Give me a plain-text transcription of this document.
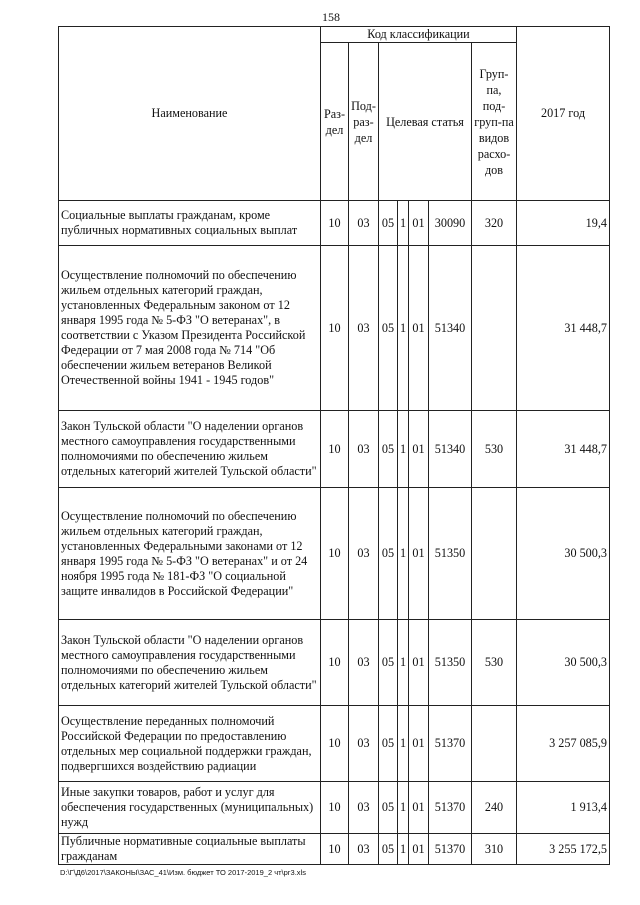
158
Наименование	Код классификации							2017 год
	Раз-дел	Под-раз-дел	Целевая статья				Груп-па, под-груп-па видов расхо-дов	
Социальные выплаты гражданам, кроме публичных нормативных социальных выплат	10	03	05	1	01	30090	320	19,4
Осуществление полномочий по обеспечению жильем отдельных категорий граждан, установленных Федеральным законом от 12 января 1995 года № 5-ФЗ "О ветеранах", в соответствии с Указом Президента Российской Федерации от 7 мая 2008 года № 714 "Об обеспечении жильем ветеранов Великой Отечественной войны 1941 - 1945 годов"	10	03	05	1	01	51340		31 448,7
Закон Тульской области "О наделении органов местного самоуправления государственными полномочиями по обеспечению жильем отдельных категорий жителей Тульской области"	10	03	05	1	01	51340	530	31 448,7
Осуществление полномочий по обеспечению жильем отдельных категорий граждан, установленных Федеральными законами от 12 января 1995 года № 5-ФЗ "О ветеранах" и от 24 ноября 1995 года № 181-ФЗ "О социальной защите инвалидов в Российской Федерации"	10	03	05	1	01	51350		30 500,3
Закон Тульской области "О наделении органов местного самоуправления государственными полномочиями по обеспечению жильем отдельных категорий жителей Тульской области"	10	03	05	1	01	51350	530	30 500,3
Осуществление переданных полномочий Российской Федерации по предоставлению отдельных мер социальной поддержки граждан, подвергшихся воздействию радиации	10	03	05	1	01	51370		3 257 085,9
Иные закупки товаров, работ и услуг для обеспечения государственных (муниципальных) нужд	10	03	05	1	01	51370	240	1 913,4
Публичные нормативные социальные выплаты гражданам	10	03	05	1	01	51370	310	3 255 172,5
D:\Г\Д6\2017\ЗАКОНЫ\ЗАС_41\Изм. бюджет ТО 2017-2019_2 чт\рг3.xls
